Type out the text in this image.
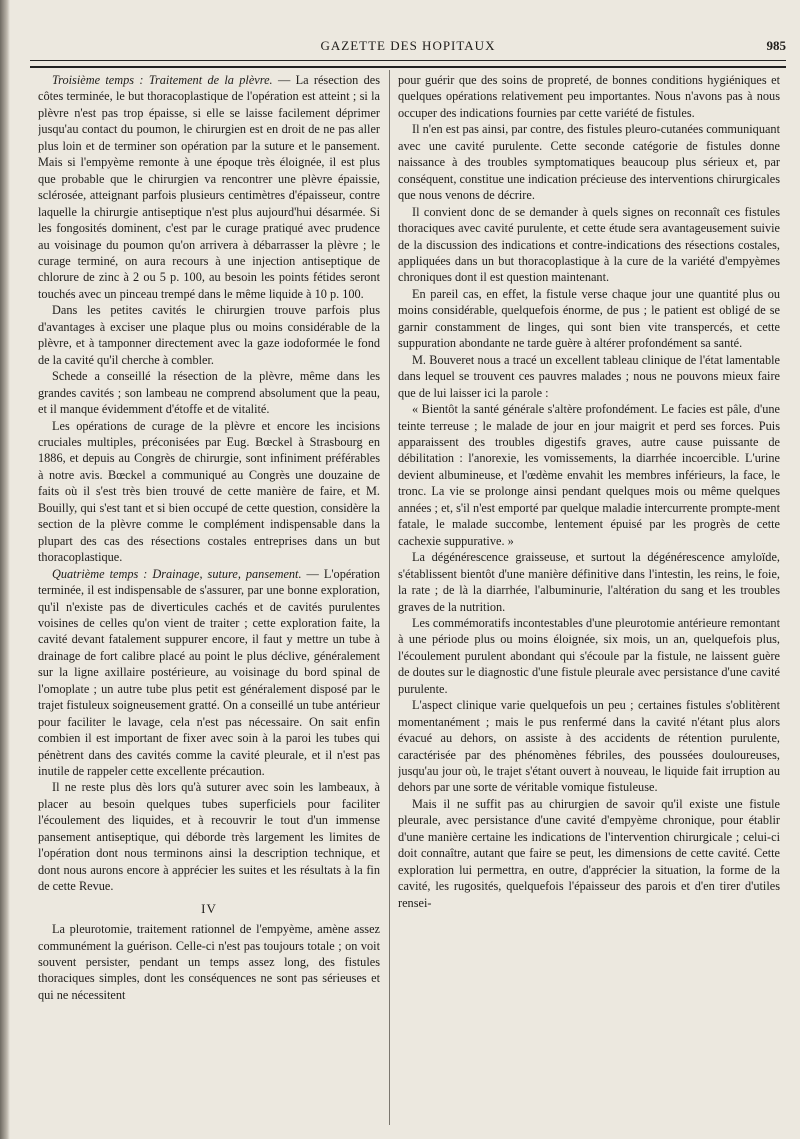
GAZETTE DES HOPITAUX	985

Troisième temps : Traitement de la plèvre. — La résection des côtes terminée, le but thoracoplastique de l'opération est atteint ; si la plèvre n'est pas trop épaisse, si elle se laisse facilement déprimer jusqu'au contact du poumon, le chirurgien est en droit de ne pas aller plus loin et de terminer son opération par la suture et le pansement. Mais si l'empyème remonte à une époque très éloignée, il est plus que probable que le chirurgien va rencontrer une plèvre épaissie, sclérosée, atteignant parfois plusieurs centimètres d'épaisseur, contre laquelle la chirurgie antiseptique n'est plus aujourd'hui désarmée. Si les fongosités dominent, c'est par le curage pratiqué avec prudence au voisinage du poumon qu'on arrivera à débarrasser la plèvre ; le curage terminé, on aura recours à une injection antiseptique de chlorure de zinc à 2 ou 5 p. 100, au besoin les points fétides seront touchés avec un pinceau trempé dans le même liquide à 10 p. 100.

Dans les petites cavités le chirurgien trouve parfois plus d'avantages à exciser une plaque plus ou moins considérable de la plèvre, et à tamponner directement avec la gaze iodoformée le fond de la cavité qu'il cherche à combler.

Schede a conseillé la résection de la plèvre, même dans les grandes cavités ; son lambeau ne comprend absolument que la peau, et il manque évidemment d'étoffe et de vitalité.

Les opérations de curage de la plèvre et encore les incisions cruciales multiples, préconisées par Eug. Bœckel à Strasbourg en 1886, et depuis au Congrès de chirurgie, sont infiniment préférables à notre avis. Bœckel a communiqué au Congrès une douzaine de faits où il s'est très bien trouvé de cette manière de faire, et M. Bouilly, qui s'est tant et si bien occupé de cette question, considère la section de la plèvre comme le complément indispensable dans la plupart des cas des résections costales entreprises dans un but thoracoplastique.

Quatrième temps : Drainage, suture, pansement. — L'opération terminée, il est indispensable de s'assurer, par une bonne exploration, qu'il n'existe pas de diverticules cachés et de cavités purulentes voisines de celles qu'on vient de traiter ; cette exploration faite, la cavité devant fatalement suppurer encore, il faut y mettre un tube à drainage de fort calibre placé au point le plus déclive, généralement sur la ligne axillaire postérieure, au voisinage du bord spinal de l'omoplate ; un autre tube plus petit est généralement disposé par le trajet fistuleux soigneusement gratté. On a conseillé un tube antérieur pour faciliter le lavage, cela n'est pas nécessaire. On sait enfin combien il est important de fixer avec soin à la paroi les tubes qui pénètrent dans des cavités comme la cavité pleurale, et il n'est pas inutile de rappeler cette excellente précaution.

Il ne reste plus dès lors qu'à suturer avec soin les lambeaux, à placer au besoin quelques tubes superficiels pour faciliter l'écoulement des liquides, et à recouvrir le tout d'un immense pansement antiseptique, qui déborde très largement les limites de l'opération dont nous terminons ainsi la description technique, et dont nous aurons encore à apprécier les suites et les résultats à la fin de cette Revue.

IV

La pleurotomie, traitement rationnel de l'empyème, amène assez communément la guérison. Celle-ci n'est pas toujours totale ; on voit souvent persister, pendant un temps assez long, des fistules thoraciques simples, dont les conséquences ne sont pas sérieuses et qui ne nécessitent

pour guérir que des soins de propreté, de bonnes conditions hygiéniques et quelques opérations relativement peu importantes. Nous n'avons pas à nous occuper des indications fournies par cette variété de fistules.

Il n'en est pas ainsi, par contre, des fistules pleuro-cutanées communiquant avec une cavité purulente. Cette seconde catégorie de fistules donne naissance à des troubles symptomatiques beaucoup plus sérieux et, par conséquent, constitue une indication précieuse des interventions chirurgicales que nous venons de décrire.

Il convient donc de se demander à quels signes on reconnaît ces fistules thoraciques avec cavité purulente, et cette étude sera avantageusement suivie de la discussion des indications et contre-indications des résections costales, appliquées dans un but thoracoplastique à la cure de la variété d'empyèmes chroniques dont il est question maintenant.

En pareil cas, en effet, la fistule verse chaque jour une quantité plus ou moins considérable, quelquefois énorme, de pus ; le patient est obligé de se garnir constamment de linges, qui sont bien vite transpercés, et cette suppuration abondante ne tarde guère à altérer profondément sa santé.

M. Bouveret nous a tracé un excellent tableau clinique de l'état lamentable dans lequel se trouvent ces pauvres malades ; nous ne pouvons mieux faire que de lui laisser ici la parole :

« Bientôt la santé générale s'altère profondément. Le facies est pâle, d'une teinte terreuse ; le malade de jour en jour maigrit et perd ses forces. Puis apparaissent des troubles digestifs graves, autre cause puissante de débilitation : l'anorexie, les vomissements, la diarrhée incoercible. L'urine devient albumineuse, et l'œdème envahit les membres inférieurs, la face, le tronc. La vie se prolonge ainsi pendant quelques mois ou même quelques années ; et, s'il n'est emporté par quelque maladie intercurrente prompte-ment fatale, le malade succombe, lentement épuisé par les progrès de cette cachexie suppurative. »

La dégénérescence graisseuse, et surtout la dégénérescence amyloïde, s'établissent bientôt d'une manière définitive dans l'intestin, les reins, le foie, la rate ; de là la diarrhée, l'albuminurie, l'altération du sang et les troubles graves de la nutrition.

Les commémoratifs incontestables d'une pleurotomie antérieure remontant à une période plus ou moins éloignée, six mois, un an, quelquefois plus, l'écoulement purulent abondant qui s'écoule par la fistule, ne laissent guère de doutes sur le diagnostic d'une fistule pleurale avec persistance d'une cavité purulente.

L'aspect clinique varie quelquefois un peu ; certaines fistules s'oblitèrent momentanément ; mais le pus renfermé dans la cavité n'étant plus alors évacué au dehors, on assiste à des accidents de rétention purulente, caractérisée par des phénomènes fébriles, des poussées douloureuses, jusqu'au jour où, le trajet s'étant ouvert à nouveau, le liquide fait irruption au dehors par une sorte de véritable vomique fistuleuse.

Mais il ne suffit pas au chirurgien de savoir qu'il existe une fistule pleurale, avec persistance d'une cavité d'empyème chronique, pour établir d'une manière certaine les indications de l'intervention chirurgicale ; celui-ci doit connaître, autant que faire se peut, les dimensions de cette cavité. Cette exploration lui permettra, en outre, d'apprécier la situation, la forme de la cavité, les rugosités, quelquefois l'épaisseur des parois et d'en tirer d'utiles rensei-
